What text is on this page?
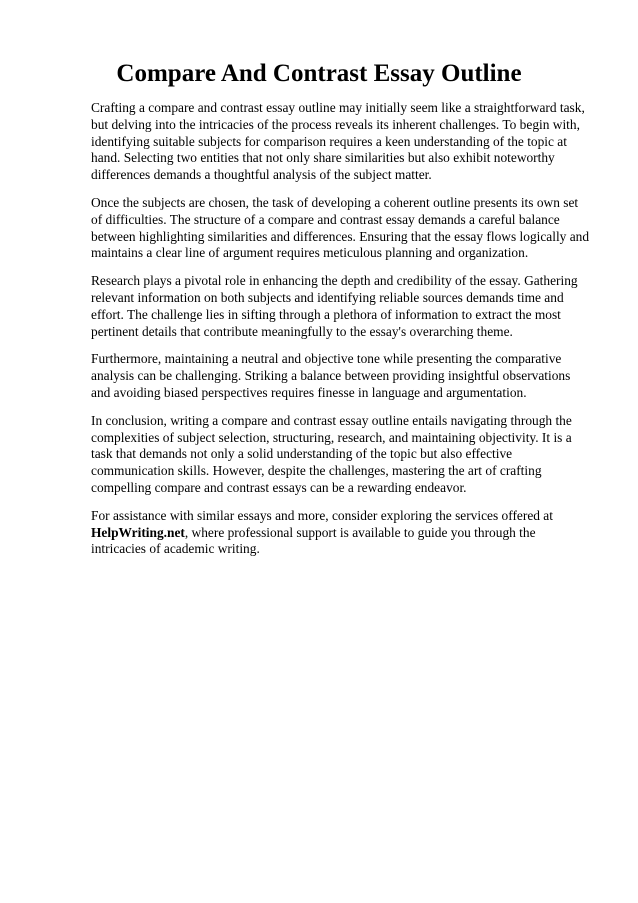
Compare And Contrast Essay Outline

Crafting a compare and contrast essay outline may initially seem like a straightforward task, but delving into the intricacies of the process reveals its inherent challenges. To begin with, identifying suitable subjects for comparison requires a keen understanding of the topic at hand. Selecting two entities that not only share similarities but also exhibit noteworthy differences demands a thoughtful analysis of the subject matter.

Once the subjects are chosen, the task of developing a coherent outline presents its own set of difficulties. The structure of a compare and contrast essay demands a careful balance between highlighting similarities and differences. Ensuring that the essay flows logically and maintains a clear line of argument requires meticulous planning and organization.

Research plays a pivotal role in enhancing the depth and credibility of the essay. Gathering relevant information on both subjects and identifying reliable sources demands time and effort. The challenge lies in sifting through a plethora of information to extract the most pertinent details that contribute meaningfully to the essay's overarching theme.

Furthermore, maintaining a neutral and objective tone while presenting the comparative analysis can be challenging. Striking a balance between providing insightful observations and avoiding biased perspectives requires finesse in language and argumentation.

In conclusion, writing a compare and contrast essay outline entails navigating through the complexities of subject selection, structuring, research, and maintaining objectivity. It is a task that demands not only a solid understanding of the topic but also effective communication skills. However, despite the challenges, mastering the art of crafting compelling compare and contrast essays can be a rewarding endeavor.

For assistance with similar essays and more, consider exploring the services offered at HelpWriting.net, where professional support is available to guide you through the intricacies of academic writing.
